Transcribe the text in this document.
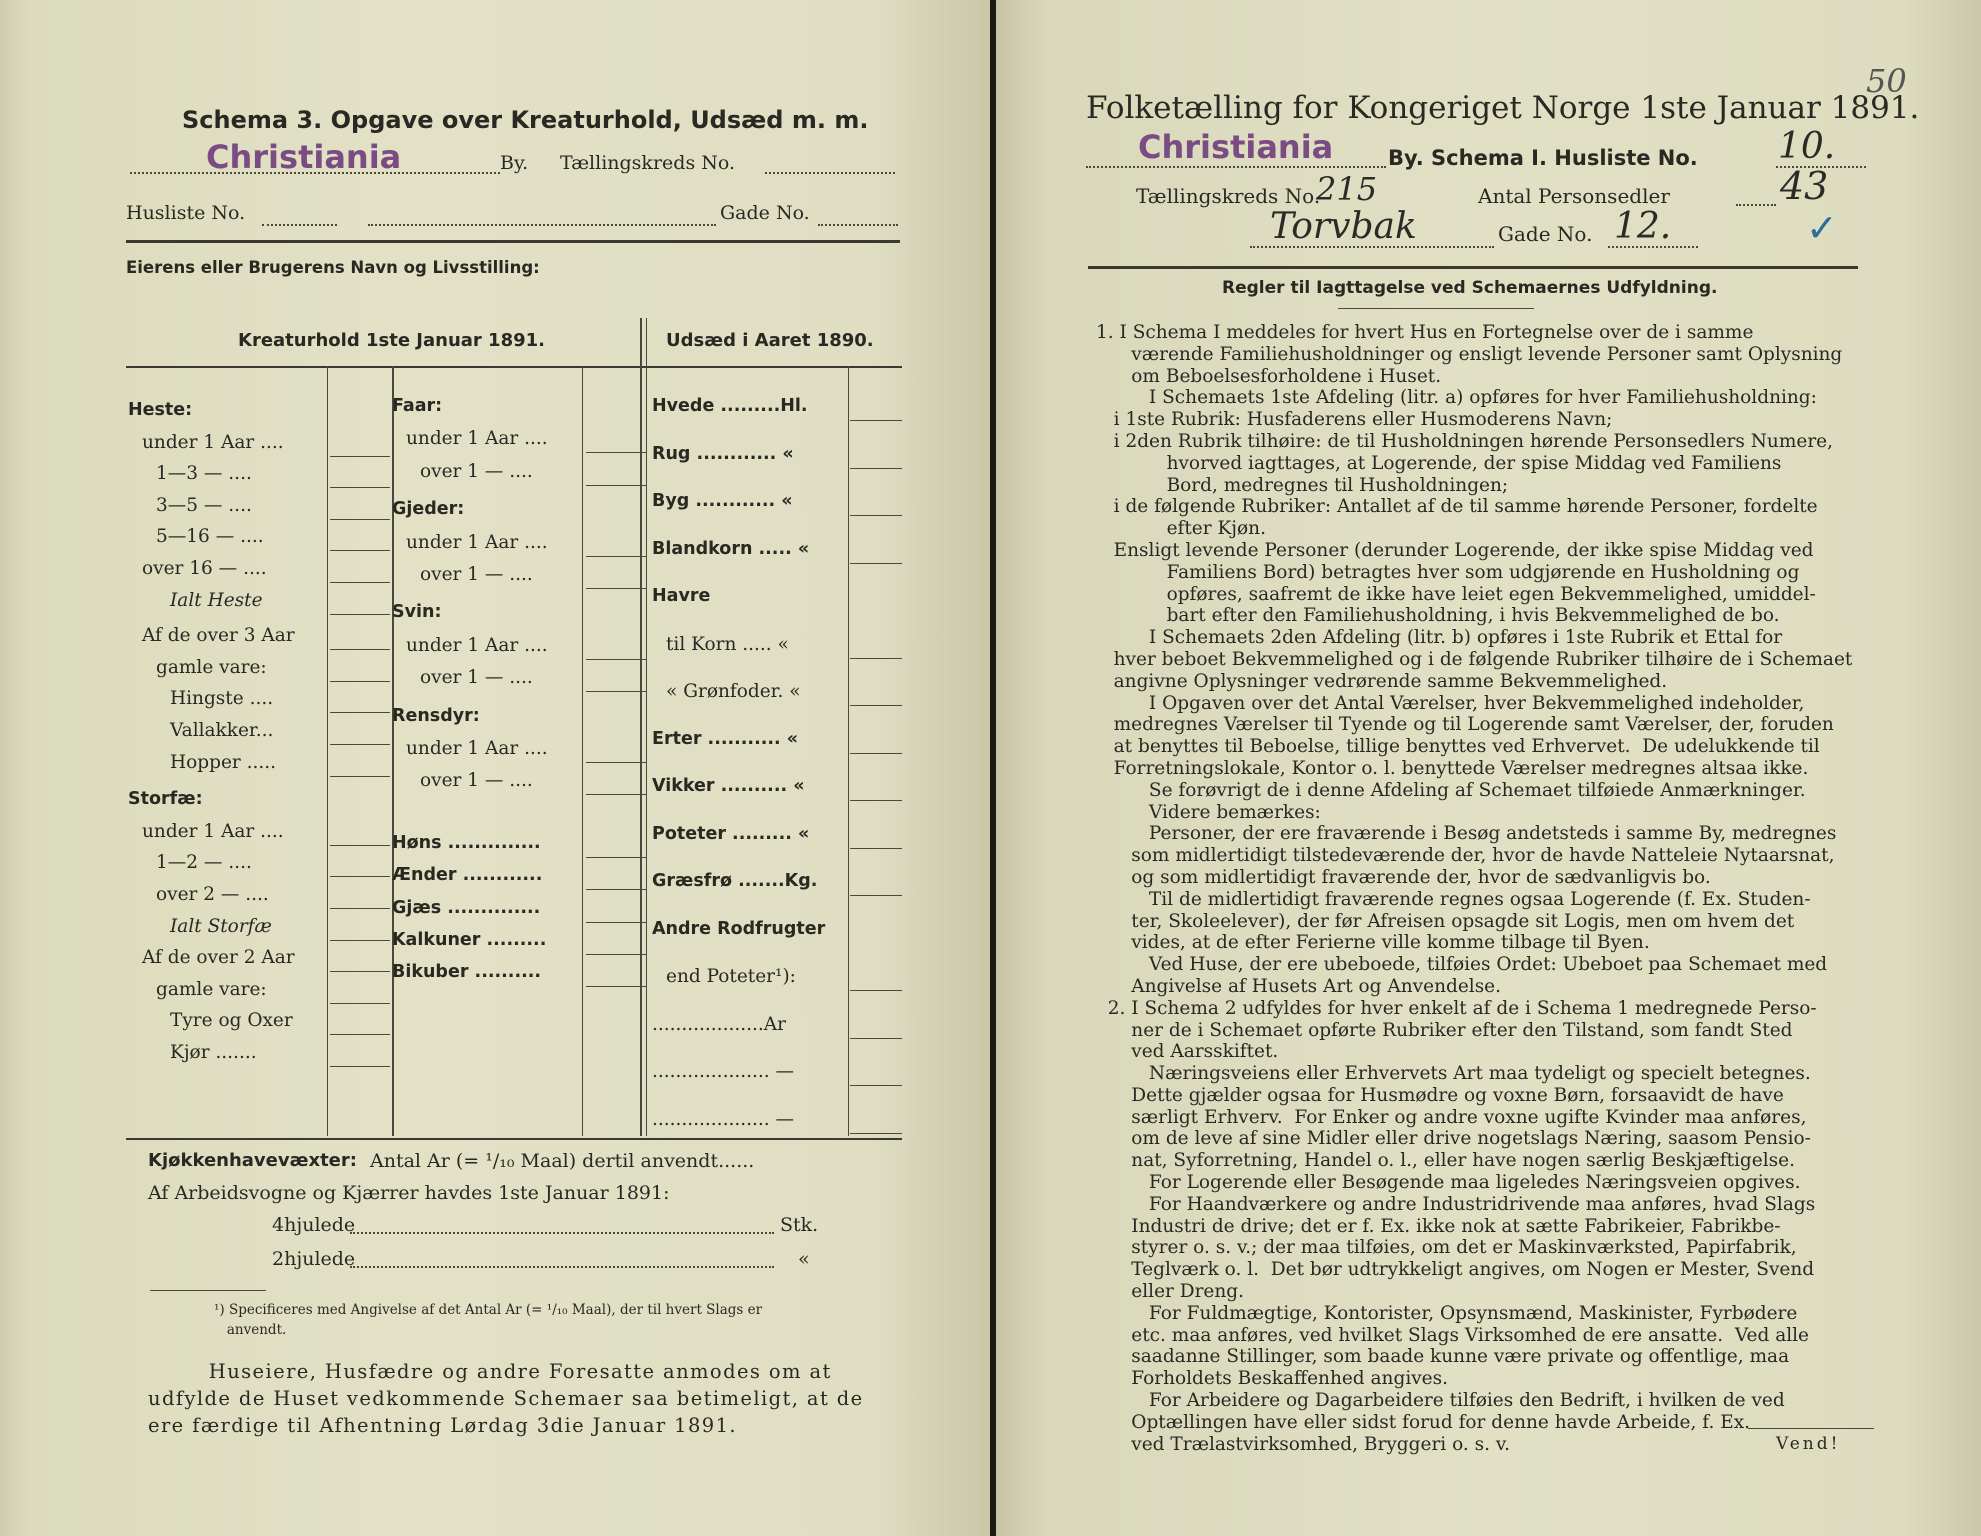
Schema 3. Opgave over Kreaturhold, Udsæd m. m.
Christiania	By. Tællingskreds No.
Husliste No.	Gade No.
Eierens eller Brugerens Navn og Livsstilling:
Kreaturhold 1ste Januar 1891.	Udsæd i Aaret 1890.
Kjøkkenhavevæxter: Antal Ar (= ¹/₁₀ Maal) dertil anvendt......
Af Arbeidsvogne og Kjærrer havdes 1ste Januar 1891:
4hjulede	Stk.
2hjulede	«
¹) Specificeres med Angivelse af det Antal Ar (= ¹/₁₀ Maal), der til hvert Slags er
anvendt.
Huseiere, Husfædre og andre Foresatte anmodes om at
udfylde de Huset vedkommende Schemaer saa betimeligt, at de
ere færdige til Afhentning Lørdag 3die Januar 1891.
Heste:
under 1 Aar ....
1—3 — ....
3—5 — ....
5—16 — ....
over 16 — ....
Ialt Heste
Af de over 3 Aar
gamle vare:
Hingste ....
Vallakker...
Hopper .....
Storfæ:
under 1 Aar ....
1—2 — ....
over 2 — ....
Ialt Storfæ
Af de over 2 Aar
gamle vare:
Tyre og Oxer
Kjør .......
Faar:
under 1 Aar ....
over 1 — ....
Gjeder:
under 1 Aar ....
over 1 — ....
Svin:
under 1 Aar ....
over 1 — ....
Rensdyr:
under 1 Aar ....
over 1 — ....
Høns ..............
Ænder ............
Gjæs ..............
Kalkuner .........
Bikuber ..........
Hvede .........Hl.
Rug ............ «
Byg ............ «
Blandkorn ..... «
Havre
til Korn ..... «
« Grønfoder. «
Erter ........... «
Vikker .......... «
Poteter ......... «
Græsfrø .......Kg.
Andre Rodfrugter
end Poteter¹):
...................Ar
.................... —
.................... —
Folketælling for Kongeriget Norge 1ste Januar 1891.
50
Christiania	By. Schema I. Husliste No. 10.
Tællingskreds No.
215	Antal Personsedler	43
Torvbak	Gade No. 12.	✓
Regler til Iagttagelse ved Schemaernes Udfyldning.
1. I Schema I meddeles for hvert Hus en Fortegnelse over de i samme
værende Familiehusholdninger og ensligt levende Personer samt Oplysning
om Beboelsesforholdene i Huset.
I Schemaets 1ste Afdeling (litr. a) opføres for hver Familiehusholdning:
i 1ste Rubrik: Husfaderens eller Husmoderens Navn;
i 2den Rubrik tilhøire: de til Husholdningen hørende Personsedlers Numere,
hvorved iagttages, at Logerende, der spise Middag ved Familiens
Bord, medregnes til Husholdningen;
i de følgende Rubriker: Antallet af de til samme hørende Personer, fordelte
efter Kjøn.
Ensligt levende Personer (derunder Logerende, der ikke spise Middag ved
Familiens Bord) betragtes hver som udgjørende en Husholdning og
opføres, saafremt de ikke have leiet egen Bekvemmelighed, umiddel-
bart efter den Familiehusholdning, i hvis Bekvemmelighed de bo.
I Schemaets 2den Afdeling (litr. b) opføres i 1ste Rubrik et Ettal for
hver beboet Bekvemmelighed og i de følgende Rubriker tilhøire de i Schemaet
angivne Oplysninger vedrørende samme Bekvemmelighed.
I Opgaven over det Antal Værelser, hver Bekvemmelighed indeholder,
medregnes Værelser til Tyende og til Logerende samt Værelser, der, foruden
at benyttes til Beboelse, tillige benyttes ved Erhvervet.  De udelukkende til
Forretningslokale, Kontor o. l. benyttede Værelser medregnes altsaa ikke.
Se forøvrigt de i denne Afdeling af Schemaet tilføiede Anmærkninger.
Videre bemærkes:
Personer, der ere fraværende i Besøg andetsteds i samme By, medregnes
som midlertidigt tilstedeværende der, hvor de havde Natteleie Nytaarsnat,
og som midlertidigt fraværende der, hvor de sædvanligvis bo.
Til de midlertidigt fraværende regnes ogsaa Logerende (f. Ex. Studen-
ter, Skoleelever), der før Afreisen opsagde sit Logis, men om hvem det
vides, at de efter Ferierne ville komme tilbage til Byen.
Ved Huse, der ere ubeboede, tilføies Ordet: Ubeboet paa Schemaet med
Angivelse af Husets Art og Anvendelse.
2. I Schema 2 udfyldes for hver enkelt af de i Schema 1 medregnede Perso-
ner de i Schemaet opførte Rubriker efter den Tilstand, som fandt Sted
ved Aarsskiftet.
Næringsveiens eller Erhvervets Art maa tydeligt og specielt betegnes.
Dette gjælder ogsaa for Husmødre og voxne Børn, forsaavidt de have
særligt Erhverv.  For Enker og andre voxne ugifte Kvinder maa anføres,
om de leve af sine Midler eller drive nogetslags Næring, saasom Pensio-
nat, Syforretning, Handel o. l., eller have nogen særlig Beskjæftigelse.
For Logerende eller Besøgende maa ligeledes Næringsveien opgives.
For Haandværkere og andre Industridrivende maa anføres, hvad Slags
Industri de drive; det er f. Ex. ikke nok at sætte Fabrikeier, Fabrikbe-
styrer o. s. v.; der maa tilføies, om det er Maskinværksted, Papirfabrik,
Teglværk o. l.  Det bør udtrykkeligt angives, om Nogen er Mester, Svend
eller Dreng.
For Fuldmægtige, Kontorister, Opsynsmænd, Maskinister, Fyrbødere
etc. maa anføres, ved hvilket Slags Virksomhed de ere ansatte.  Ved alle
saadanne Stillinger, som baade kunne være private og offentlige, maa
Forholdets Beskaffenhed angives.
For Arbeidere og Dagarbeidere tilføies den Bedrift, i hvilken de ved
Optællingen have eller sidst forud for denne havde Arbeide, f. Ex.
ved Trælastvirksomhed, Bryggeri o. s. v.	Vend!
